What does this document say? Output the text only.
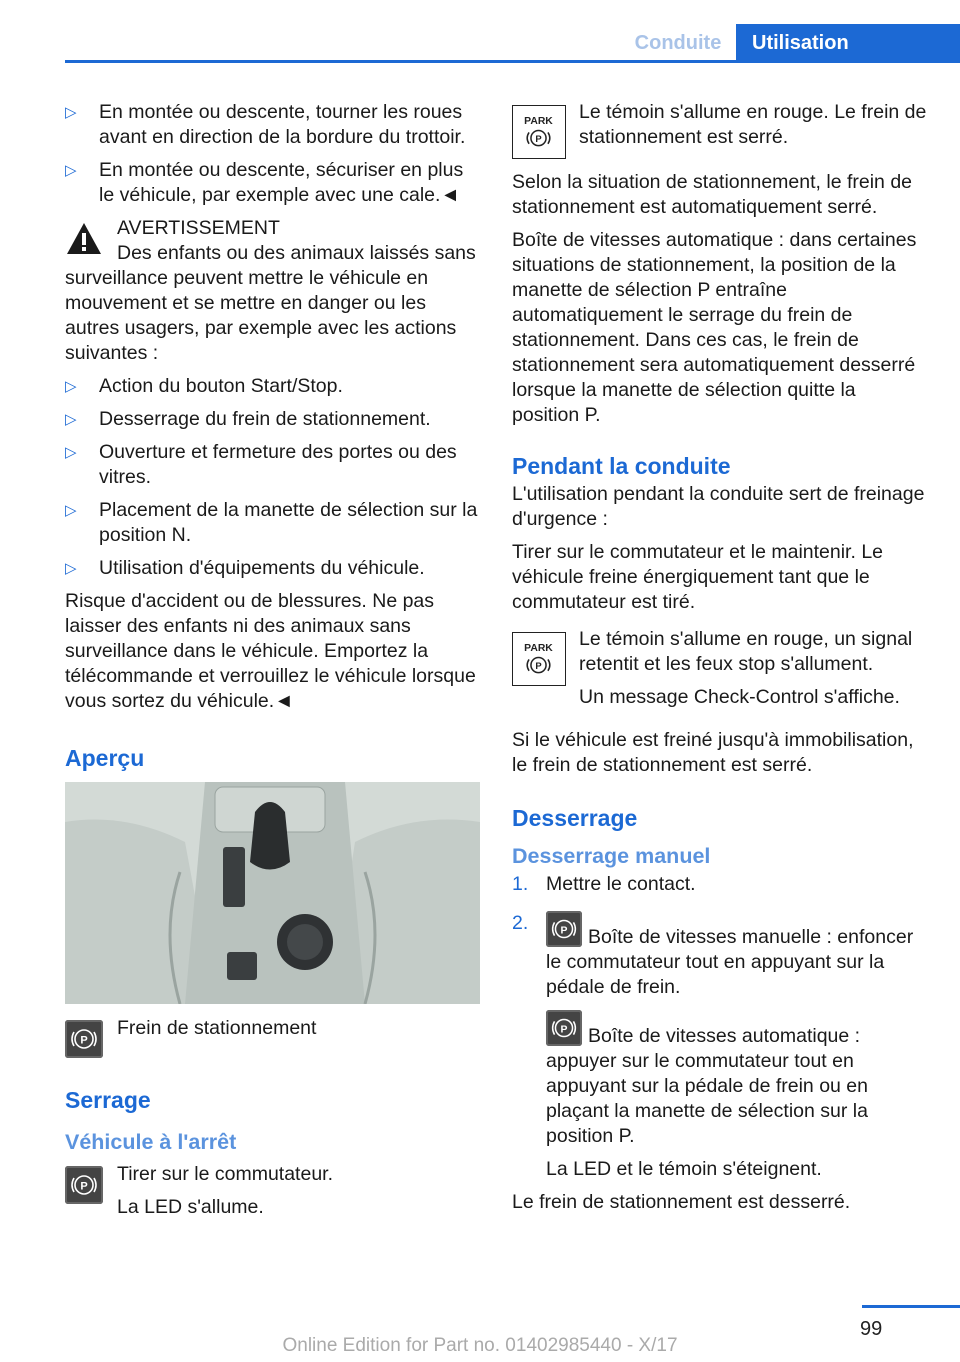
Conduite	Utilisation
▷ En montée ou descente, tourner les roues avant en direction de la bordure du trottoir.
▷ En montée ou descente, sécuriser en plus le véhicule, par exemple avec une cale.◄

AVERTISSEMENT

Des enfants ou des animaux laissés sans surveillance peuvent mettre le véhicule en mouvement et se mettre en danger ou les autres usagers, par exemple avec les actions suivantes :

▷ Action du bouton Start/Stop.
▷ Desserrage du frein de stationnement.
▷ Ouverture et fermeture des portes ou des vitres.
▷ Placement de la manette de sélection sur la position N.
▷ Utilisation d'équipements du véhicule.

Risque d'accident ou de blessures. Ne pas laisser des enfants ni des animaux sans surveillance dans le véhicule. Emportez la télécommande et verrouillez le véhicule lorsque vous sortez du véhicule.◄

Aperçu
P

Frein de stationnement

Serrage
Véhicule à l'arrêt
P

Tirer sur le commutateur.

La LED s'allume.

PARK
P

Le témoin s'allume en rouge. Le frein de stationnement est serré.

Selon la situation de stationnement, le frein de stationnement est automatiquement serré.

Boîte de vitesses automatique : dans certaines situations de stationnement, la position de la manette de sélection P entraîne automatiquement le serrage du frein de stationnement. Dans ces cas, le frein de stationnement sera automatiquement desserré lorsque la manette de sélection quitte la position P.

Pendant la conduite

L'utilisation pendant la conduite sert de freinage d'urgence :

Tirer sur le commutateur et le maintenir. Le véhicule freine énergiquement tant que le commutateur est tiré.

PARK
P

Le témoin s'allume en rouge, un signal retentit et les feux stop s'allument.

Un message Check-Control s'affiche.

Si le véhicule est freiné jusqu'à immobilisation, le frein de stationnement est serré.

Desserrage
Desserrage manuel
1. Mettre le contact.
2.	P Boîte de vitesses manuelle : enfoncer le commutateur tout en appuyant sur la pédale de frein.

P Boîte de vitesses automatique : appuyer sur le commutateur tout en appuyant sur la pédale de frein ou en plaçant la manette de sélection sur la position P.

La LED et le témoin s'éteignent.

Le frein de stationnement est desserré.

99
Online Edition for Part no. 01402985440 - X/17
